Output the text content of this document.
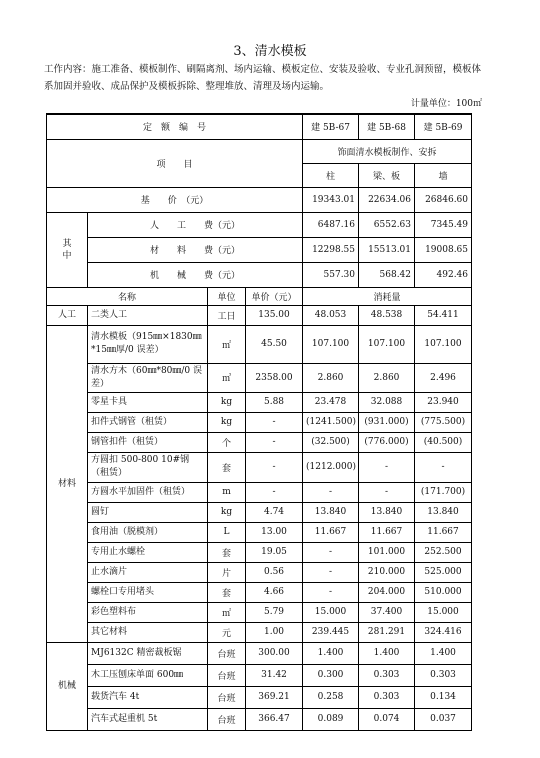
3、清水模板
工作内容：施工准备、模板制作、刷隔离剂、场内运输、模板定位、安装及验收、专业孔洞预留，模板体系加固并验收、成品保护及模板拆除、整理堆放、清理及场内运输。
计量单位：100㎡
定　额　编　号				建 5B-67	建 5B-68	建 5B-69
项　　目				饰面清水模板制作、安拆		
				柱	梁、板	墙
基　　价　（元）				19343.01	22634.06	26846.60
其中	人　　工　　费（元）			6487.16	6552.63	7345.49
	材　　料　　费（元）			12298.55	15513.01	19008.65
	机　　械　　费（元）			557.30	568.42	492.46
名称		单位	单价（元）	消耗量		
人工	二类人工	工日	135.00	48.053	48.538	54.411
材料	清水模板（915㎜×1830㎜*15㎜厚/0 误差）	㎡	45.50	107.100	107.100	107.100
	清水方木（60㎜*80㎜/0 误差）	㎥	2358.00	2.860	2.860	2.496
	零星卡具	kg	5.88	23.478	32.088	23.940
	扣件式钢管（租赁）	kg	-	(1241.500)	(931.000)	(775.500)
	钢管扣件（租赁）	个	-	(32.500)	(776.000)	(40.500)
	方圆扣 500-800 10#钢（租赁）	套	-	(1212.000)	-	-
	方圆水平加固件（租赁）	m	-	-	-	(171.700)
	圆钉	kg	4.74	13.840	13.840	13.840
	食用油（脱模剂）	L	13.00	11.667	11.667	11.667
	专用止水螺栓	套	19.05	-	101.000	252.500
	止水滴片	片	0.56	-	210.000	525.000
	螺栓口专用堵头	套	4.66	-	204.000	510.000
	彩色塑料布	㎡	5.79	15.000	37.400	15.000
	其它材料	元	1.00	239.445	281.291	324.416
机械	MJ6132C 精密裁板锯	台班	300.00	1.400	1.400	1.400
	木工压刨床单面 600㎜	台班	31.42	0.300	0.303	0.303
	载货汽车 4t	台班	369.21	0.258	0.303	0.134
	汽车式起重机 5t	台班	366.47	0.089	0.074	0.037
